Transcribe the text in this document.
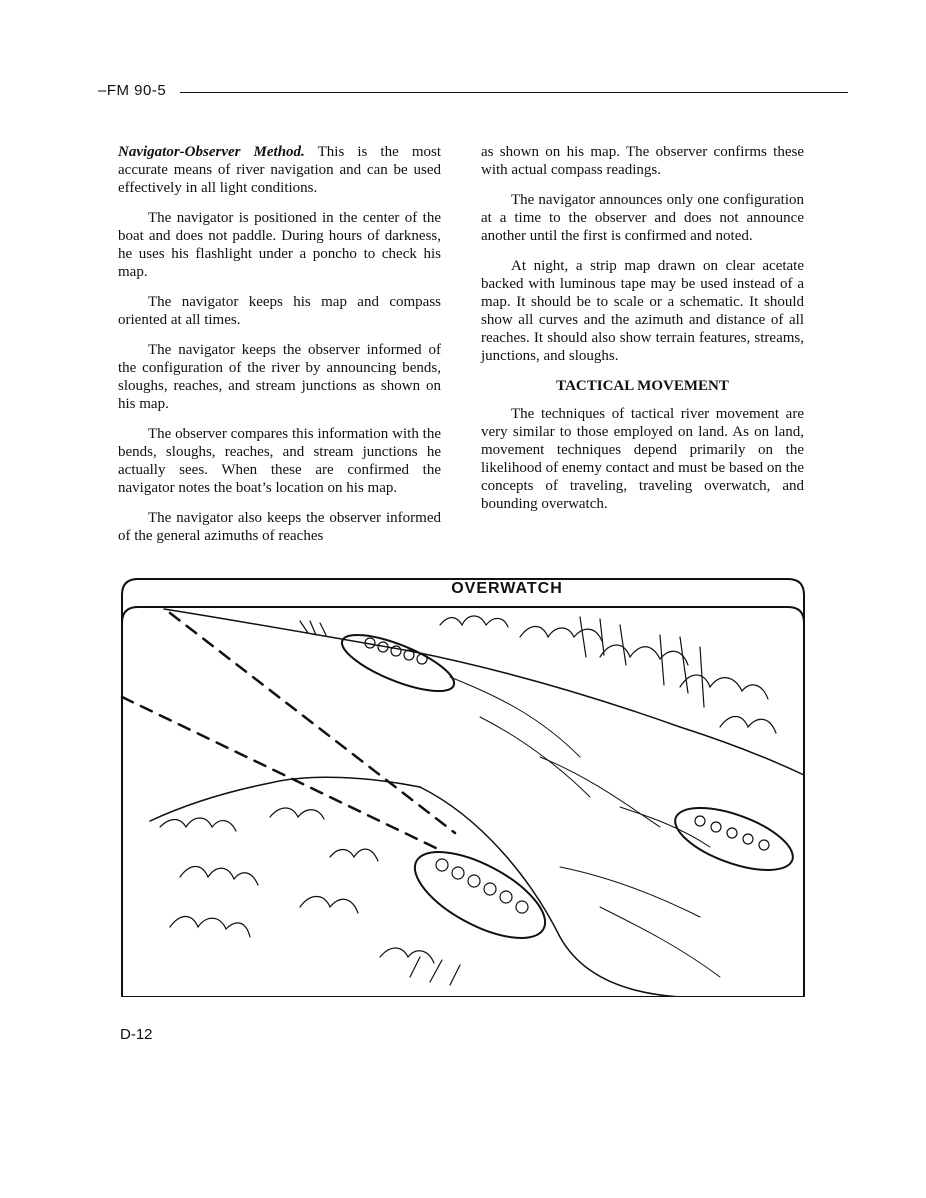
–FM 90-5

Navigator-Observer Method. This is the most accurate means of river navigation and can be used effectively in all light conditions.

The navigator is positioned in the center of the boat and does not paddle. During hours of darkness, he uses his flashlight under a poncho to check his map.

The navigator keeps his map and compass oriented at all times.

The navigator keeps the observer informed of the configuration of the river by announcing bends, sloughs, reaches, and stream junctions as shown on his map.

The observer compares this information with the bends, sloughs, reaches, and stream junctions he actually sees. When these are confirmed the navigator notes the boat’s location on his map.

The navigator also keeps the observer informed of the general azimuths of reaches

as shown on his map. The observer confirms these with actual compass readings.

The navigator announces only one configuration at a time to the observer and does not announce another until the first is confirmed and noted.

At night, a strip map drawn on clear acetate backed with luminous tape may be used instead of a map. It should be to scale or a schematic. It should show all curves and the azimuth and distance of all reaches. It should also show terrain features, streams, junctions, and sloughs.

TACTICAL MOVEMENT

The techniques of tactical river movement are very similar to those employed on land. As on land, movement techniques depend primarily on the likelihood of enemy contact and must be based on the concepts of traveling, traveling overwatch, and bounding overwatch.

OVERWATCH
D-12
